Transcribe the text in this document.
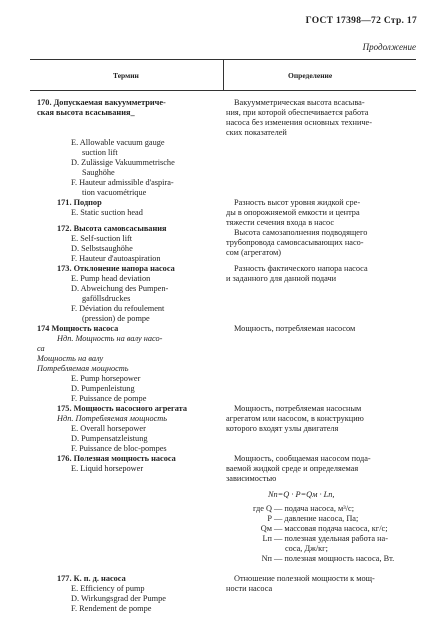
ГОСТ 17398—72 Стр. 17
Продолжение
Термин	Определение
170. Допускаемая вакуумметриче-
ская высота всасывания_
E. Allowable vacuum gauge
suction lift
D. Zulässige Vakuummetrische
Saughöhe
F. Hauteur admissible d'aspira-
tion vacuométrique
171. Подпор
E. Static suction head
172. Высота самовсасывания
E. Self-suction lift
D. Selbstsaughöhe
F. Hauteur d'autoaspiration
173. Отклонение напора насоса
E. Pump head deviation
D. Abweichung des Pumpen-
gaföllsdruckes
F. Déviation du refoulement
(pression) de pompe
174 Мощность насоса
Ндп. Мощность на валу насо-
са
Мощность на валу
Потребляемая мощность
E. Pump horsepower
D. Pumpenleistung
F. Puissance de pompe
175. Мощность насосного агрегата
Ндп. Потребляемая мощность
E. Overall horsepower
D. Pumpensatzleistung
F. Puissance de bloc-pompes
176. Полезная мощность насоса
E. Liquid horsepower
177. К. п. д. насоса
E. Efficiency of pump
D. Wirkungsgrad der Pumpe
F. Rendement de pompe
Вакуумметрическая высота всасыва-
ния, при которой обеспечивается работа
насоса без изменения основных техниче-
ских показателей
Разность высот уровня жидкой сре-
ды в опорожняемой емкости и центра
тяжести сечения входа в насос
Высота самозаполнения подводящего
трубопровода самовсасывающих насо-
сом (агрегатом)
Разность фактического напора насоса
и заданного для данной подачи
Мощность, потребляемая насосом
Мощность, потребляемая насосным
агрегатом или насосом, в конструкцию
которого входят узлы двигателя
Мощность, сообщаемая насосом пода-
ваемой жидкой среде и определяемая
зависимостью
Nп=Q · P=Qм · Lп,
где Q — подача насоса, м³/с;
P — давление насоса, Па;
Qм — массовая подача насоса, кг/с;
Lп — полезная удельная работа на-
сoса, Дж/кг;
Nп — полезная мощность насоса, Вт.
Отношение полезной мощности к мощ-
ности насоса
